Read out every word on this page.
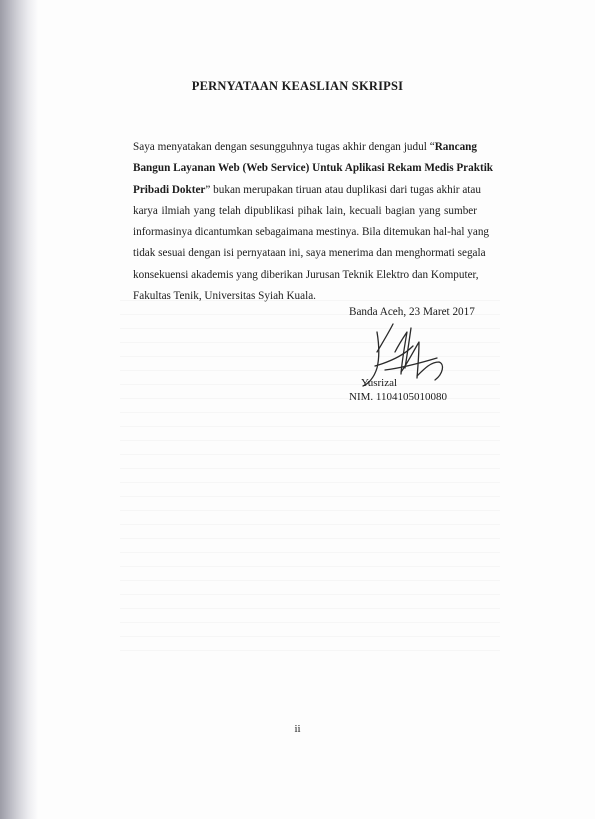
PERNYATAAN KEASLIAN SKRIPSI

Saya menyatakan dengan sesungguhnya tugas akhir dengan judul “Rancang
Bangun Layanan Web (Web Service) Untuk Aplikasi Rekam Medis Praktik
Pribadi Dokter” bukan merupakan tiruan atau duplikasi dari tugas akhir atau
karya ilmiah yang telah dipublikasi pihak lain, kecuali bagian yang sumber
informasinya dicantumkan sebagaimana mestinya. Bila ditemukan hal-hal yang
tidak sesuai dengan isi pernyataan ini, saya menerima dan menghormati segala
konsekuensi akademis yang diberikan Jurusan Teknik Elektro dan Komputer,
Fakultas Tenik, Universitas Syiah Kuala.

Banda Aceh, 23 Maret 2017
Yusrizal
NIM. 1104105010080
ii
